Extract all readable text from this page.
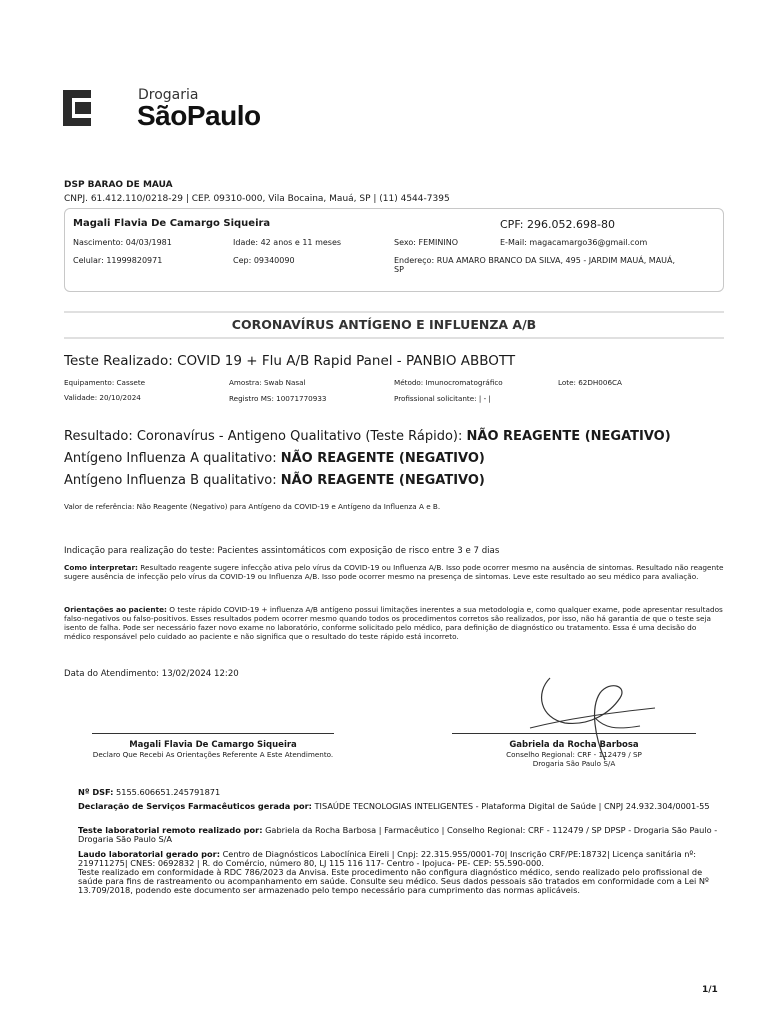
Drogaria
SãoPaulo
DSP BARAO DE MAUA
CNPJ. 61.412.110/0218-29 | CEP. 09310-000, Vila Bocaina, Mauá, SP | (11) 4544-7395
Magali Flavia De Camargo Siqueira	CPF: 296.052.698-80
Nascimento: 04/03/1981	Idade: 42 anos e 11 meses	Sexo: FEMININO	E-Mail: magacamargo36@gmail.com
Celular: 11999820971	Cep: 09340090	Endereço: RUA AMARO BRANCO DA SILVA, 495 - JARDIM MAUÁ, MAUÁ,
SP
CORONAVÍRUS ANTÍGENO E INFLUENZA A/B
Teste Realizado: COVID 19 + Flu A/B Rapid Panel - PANBIO ABBOTT
Equipamento: Cassete	Amostra: Swab Nasal	Método: Imunocromatográfico	Lote: 62DH006CA
Validade: 20/10/2024	Registro MS: 10071770933	Profissional solicitante: | - |
Resultado: Coronavírus - Antigeno Qualitativo (Teste Rápido): NÃO REAGENTE (NEGATIVO)
Antígeno Influenza A qualitativo: NÃO REAGENTE (NEGATIVO)
Antígeno Influenza B qualitativo: NÃO REAGENTE (NEGATIVO)
Valor de referência: Não Reagente (Negativo) para Antígeno da COVID-19 e Antígeno da Influenza A e B.
Indicação para realização do teste: Pacientes assintomáticos com exposição de risco entre 3 e 7 dias
Como interpretar: Resultado reagente sugere infecção ativa pelo vírus da COVID-19 ou Influenza A/B. Isso pode ocorrer mesmo na ausência de sintomas. Resultado não reagente sugere ausência de infecção pelo vírus da COVID-19 ou Influenza A/B. Isso pode ocorrer mesmo na presença de sintomas. Leve este resultado ao seu médico para avaliação.
Orientações ao paciente: O teste rápido COVID-19 + influenza A/B antígeno possui limitações inerentes a sua metodologia e, como qualquer exame, pode apresentar resultados falso-negativos ou falso-positivos. Esses resultados podem ocorrer mesmo quando todos os procedimentos corretos são realizados, por isso, não há garantia de que o teste seja isento de falha. Pode ser necessário fazer novo exame no laboratório, conforme solicitado pelo médico, para definição de diagnóstico ou tratamento. Essa é uma decisão do médico responsável pelo cuidado ao paciente e não significa que o resultado do teste rápido está incorreto.
Data do Atendimento: 13/02/2024 12:20
Magali Flavia De Camargo Siqueira
Declaro Que Recebi As Orientações Referente A Este Atendimento.
Gabriela da Rocha Barbosa
Conselho Regional: CRF - 112479 / SP
Drogaria São Paulo S/A
Nº DSF: 5155.606651.245791871
Declaração de Serviços Farmacêuticos gerada por: TISAÚDE TECNOLOGIAS INTELIGENTES - Plataforma Digital de Saúde | CNPJ 24.932.304/0001-55
Teste laboratorial remoto realizado por: Gabriela da Rocha Barbosa | Farmacêutico | Conselho Regional: CRF - 112479 / SP DPSP - Drogaria São Paulo - Drogaria São Paulo S/A
Laudo laboratorial gerado por: Centro de Diagnósticos Laboclínica Eireli | Cnpj: 22.315.955/0001-70| Inscrição CRF/PE:18732| Licença sanitária nº: 219711275| CNES: 0692832 | R. do Comércio, número 80, LJ 115 116 117- Centro - Ipojuca- PE- CEP: 55.590-000.
Teste realizado em conformidade à RDC 786/2023 da Anvisa. Este procedimento não configura diagnóstico médico, sendo realizado pelo profissional de saúde para fins de rastreamento ou acompanhamento em saúde. Consulte seu médico. Seus dados pessoais são tratados em conformidade com a Lei Nº 13.709/2018, podendo este documento ser armazenado pelo tempo necessário para cumprimento das normas aplicáveis.
1/1
